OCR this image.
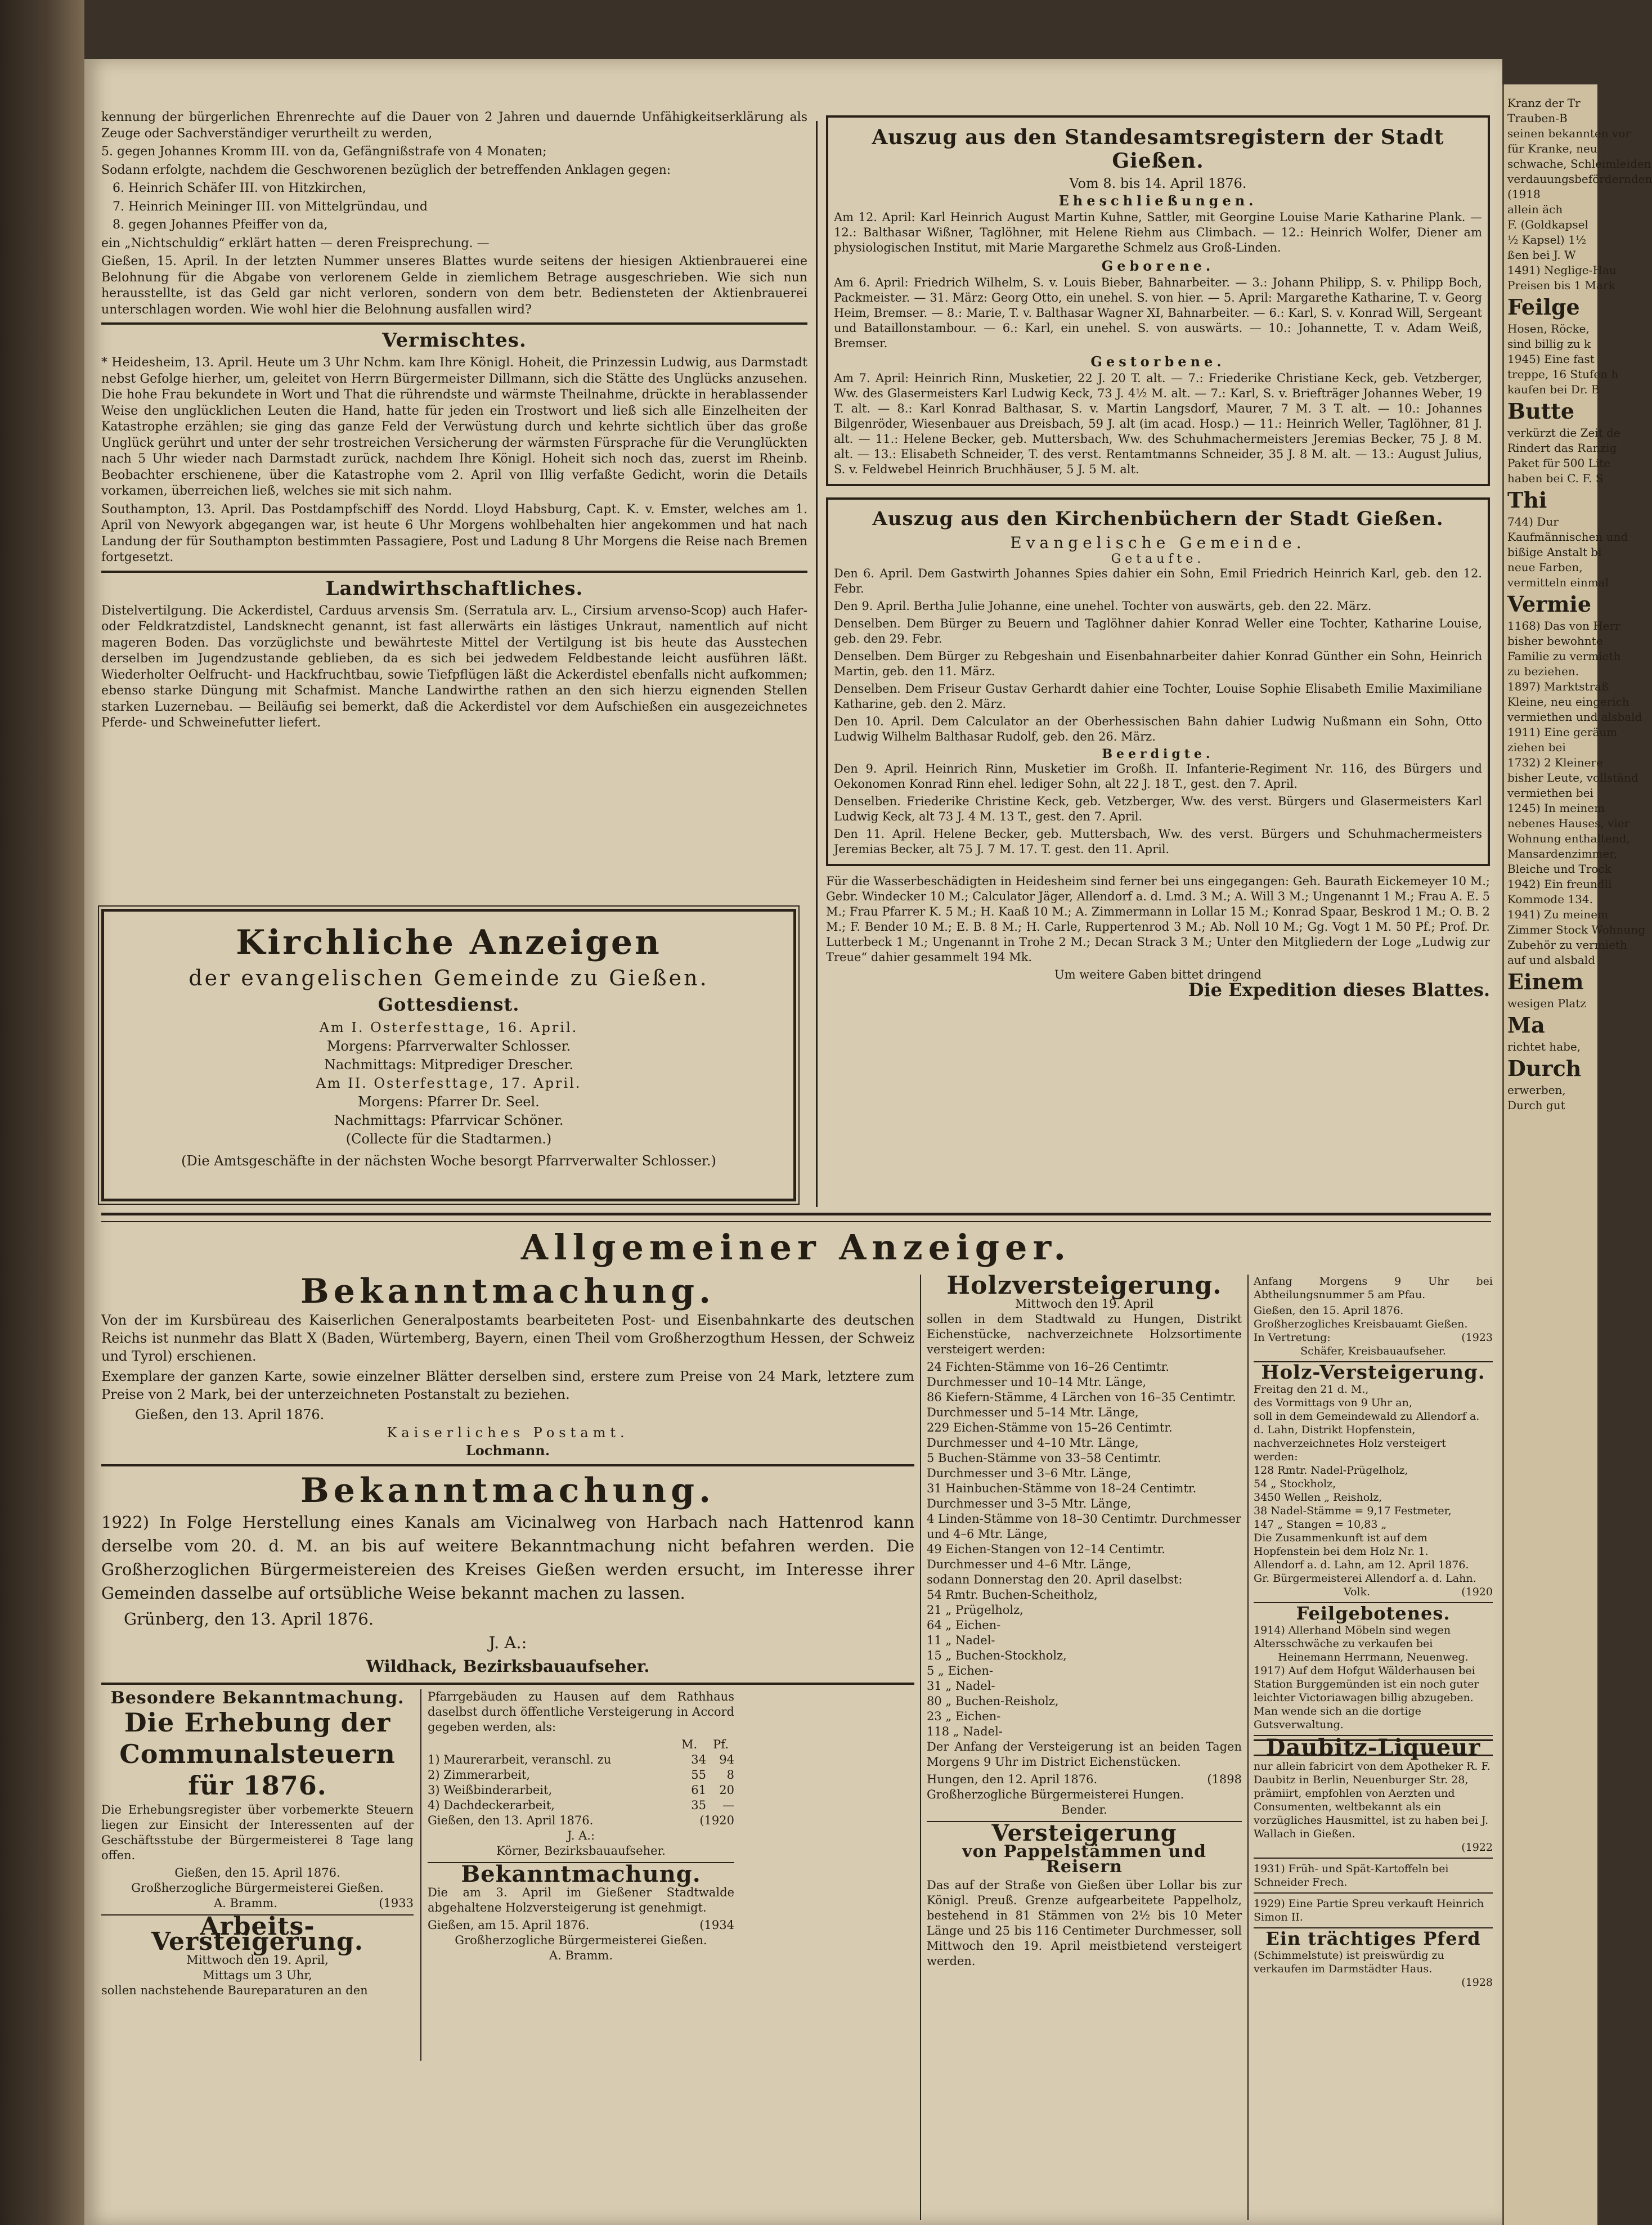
kennung der bürgerlichen Ehrenrechte auf die Dauer von 2 Jahren und dauernde Unfähigkeitserklärung als Zeuge oder Sachverständiger verurtheilt zu werden,

5. gegen Johannes Kromm III. von da, Gefängnißstrafe von 4 Monaten;

Sodann erfolgte, nachdem die Geschworenen bezüglich der betreffenden Anklagen gegen:

6. Heinrich Schäfer III. von Hitzkirchen,

7. Heinrich Meininger III. von Mittelgründau, und

8. gegen Johannes Pfeiffer von da,

ein „Nichtschuldig“ erklärt hatten — deren Freisprechung. —

Gießen, 15. April. In der letzten Nummer unseres Blattes wurde seitens der hiesigen Aktienbrauerei eine Belohnung für die Abgabe von verlorenem Gelde in ziemlichem Betrage ausgeschrieben. Wie sich nun herausstellte, ist das Geld gar nicht verloren, sondern von dem betr. Bediensteten der Aktienbrauerei unterschlagen worden. Wie wohl hier die Belohnung ausfallen wird?

Vermischtes.

* Heidesheim, 13. April. Heute um 3 Uhr Nchm. kam Ihre Königl. Hoheit, die Prinzessin Ludwig, aus Darmstadt nebst Gefolge hierher, um, geleitet von Herrn Bürgermeister Dillmann, sich die Stätte des Unglücks anzusehen. Die hohe Frau bekundete in Wort und That die rührendste und wärmste Theilnahme, drückte in herablassender Weise den unglücklichen Leuten die Hand, hatte für jeden ein Trostwort und ließ sich alle Einzelheiten der Katastrophe erzählen; sie ging das ganze Feld der Verwüstung durch und kehrte sichtlich über das große Unglück gerührt und unter der sehr trostreichen Versicherung der wärmsten Fürsprache für die Verunglückten nach 5 Uhr wieder nach Darmstadt zurück, nachdem Ihre Königl. Hoheit sich noch das, zuerst im Rheinb. Beobachter erschienene, über die Katastrophe vom 2. April von Illig verfaßte Gedicht, worin die Details vorkamen, überreichen ließ, welches sie mit sich nahm.

Southampton, 13. April. Das Postdampfschiff des Nordd. Lloyd Habsburg, Capt. K. v. Emster, welches am 1. April von Newyork abgegangen war, ist heute 6 Uhr Morgens wohlbehalten hier angekommen und hat nach Landung der für Southampton bestimmten Passagiere, Post und Ladung 8 Uhr Morgens die Reise nach Bremen fortgesetzt.

Landwirthschaftliches.

Distelvertilgung. Die Ackerdistel, Carduus arvensis Sm. (Serratula arv. L., Cirsium arvenso-Scop) auch Hafer- oder Feldkratzdistel, Landsknecht genannt, ist fast allerwärts ein lästiges Unkraut, namentlich auf nicht mageren Boden. Das vorzüglichste und bewährteste Mittel der Vertilgung ist bis heute das Ausstechen derselben im Jugendzustande geblieben, da es sich bei jedwedem Feldbestande leicht ausführen läßt. Wiederholter Oelfrucht- und Hackfruchtbau, sowie Tiefpflügen läßt die Ackerdistel ebenfalls nicht aufkommen; ebenso starke Düngung mit Schafmist. Manche Landwirthe rathen an den sich hierzu eignenden Stellen starken Luzernebau. — Beiläufig sei bemerkt, daß die Ackerdistel vor dem Aufschießen ein ausgezeichnetes Pferde- und Schweinefutter liefert.

Kirchliche Anzeigen
der evangelischen Gemeinde zu Gießen.
Gottesdienst.
Am I. Osterfesttage, 16. April.
Morgens: Pfarrverwalter Schlosser.
Nachmittags: Mitprediger Drescher.
Am II. Osterfesttage, 17. April.
Morgens: Pfarrer Dr. Seel.
Nachmittags: Pfarrvicar Schöner.
(Collecte für die Stadtarmen.)
(Die Amtsgeschäfte in der nächsten Woche besorgt Pfarrverwalter Schlosser.)
Auszug aus den Standesamtsregistern der Stadt Gießen.
Vom 8. bis 14. April 1876.
Eheschließungen.

Am 12. April: Karl Heinrich August Martin Kuhne, Sattler, mit Georgine Louise Marie Katharine Plank. — 12.: Balthasar Wißner, Taglöhner, mit Helene Riehm aus Climbach. — 12.: Heinrich Wolfer, Diener am physiologischen Institut, mit Marie Margarethe Schmelz aus Groß-Linden.

Geborene.

Am 6. April: Friedrich Wilhelm, S. v. Louis Bieber, Bahnarbeiter. — 3.: Johann Philipp, S. v. Philipp Boch, Packmeister. — 31. März: Georg Otto, ein unehel. S. von hier. — 5. April: Margarethe Katharine, T. v. Georg Heim, Bremser. — 8.: Marie, T. v. Balthasar Wagner XI, Bahnarbeiter. — 6.: Karl, S. v. Konrad Will, Sergeant und Bataillonstambour. — 6.: Karl, ein unehel. S. von auswärts. — 10.: Johannette, T. v. Adam Weiß, Bremser.

Gestorbene.

Am 7. April: Heinrich Rinn, Musketier, 22 J. 20 T. alt. — 7.: Friederike Christiane Keck, geb. Vetzberger, Ww. des Glasermeisters Karl Ludwig Keck, 73 J. 4½ M. alt. — 7.: Karl, S. v. Briefträger Johannes Weber, 19 T. alt. — 8.: Karl Konrad Balthasar, S. v. Martin Langsdorf, Maurer, 7 M. 3 T. alt. — 10.: Johannes Bilgenröder, Wiesenbauer aus Dreisbach, 59 J. alt (im acad. Hosp.) — 11.: Heinrich Weller, Taglöhner, 81 J. alt. — 11.: Helene Becker, geb. Muttersbach, Ww. des Schuhmachermeisters Jeremias Becker, 75 J. 8 M. alt. — 13.: Elisabeth Schneider, T. des verst. Rentamtmanns Schneider, 35 J. 8 M. alt. — 13.: August Julius, S. v. Feldwebel Heinrich Bruchhäuser, 5 J. 5 M. alt.

Auszug aus den Kirchenbüchern der Stadt Gießen.
Evangelische Gemeinde.
Getaufte.

Den 6. April. Dem Gastwirth Johannes Spies dahier ein Sohn, Emil Friedrich Heinrich Karl, geb. den 12. Febr.

Den 9. April. Bertha Julie Johanne, eine unehel. Tochter von auswärts, geb. den 22. März.

Denselben. Dem Bürger zu Beuern und Taglöhner dahier Konrad Weller eine Tochter, Katharine Louise, geb. den 29. Febr.

Denselben. Dem Bürger zu Rebgeshain und Eisenbahnarbeiter dahier Konrad Günther ein Sohn, Heinrich Martin, geb. den 11. März.

Denselben. Dem Friseur Gustav Gerhardt dahier eine Tochter, Louise Sophie Elisabeth Emilie Maximiliane Katharine, geb. den 2. März.

Den 10. April. Dem Calculator an der Oberhessischen Bahn dahier Ludwig Nußmann ein Sohn, Otto Ludwig Wilhelm Balthasar Rudolf, geb. den 26. März.

Beerdigte.

Den 9. April. Heinrich Rinn, Musketier im Großh. II. Infanterie-Regiment Nr. 116, des Bürgers und Oekonomen Konrad Rinn ehel. lediger Sohn, alt 22 J. 18 T., gest. den 7. April.

Denselben. Friederike Christine Keck, geb. Vetzberger, Ww. des verst. Bürgers und Glasermeisters Karl Ludwig Keck, alt 73 J. 4 M. 13 T., gest. den 7. April.

Den 11. April. Helene Becker, geb. Muttersbach, Ww. des verst. Bürgers und Schuhmachermeisters Jeremias Becker, alt 75 J. 7 M. 17. T. gest. den 11. April.

Für die Wasserbeschädigten in Heidesheim sind ferner bei uns eingegangen: Geh. Baurath Eickemeyer 10 M.; Gebr. Windecker 10 M.; Calculator Jäger, Allendorf a. d. Lmd. 3 M.; A. Will 3 M.; Ungenannt 1 M.; Frau A. E. 5 M.; Frau Pfarrer K. 5 M.; H. Kaaß 10 M.; A. Zimmermann in Lollar 15 M.; Konrad Spaar, Beskrod 1 M.; O. B. 2 M.; F. Bender 10 M.; E. B. 8 M.; H. Carle, Ruppertenrod 3 M.; Ab. Noll 10 M.; Gg. Vogt 1 M. 50 Pf.; Prof. Dr. Lutterbeck 1 M.; Ungenannt in Trohe 2 M.; Decan Strack 3 M.; Unter den Mitgliedern der Loge „Ludwig zur Treue“ dahier gesammelt 194 Mk.

Um weitere Gaben bittet dringend
Die Expedition dieses Blattes.
Allgemeiner Anzeiger.
Bekanntmachung.

Von der im Kursbüreau des Kaiserlichen Generalpostamts bearbeiteten Post- und Eisenbahnkarte des deutschen Reichs ist nunmehr das Blatt X (Baden, Würtemberg, Bayern, einen Theil vom Großherzogthum Hessen, der Schweiz und Tyrol) erschienen.

Exemplare der ganzen Karte, sowie einzelner Blätter derselben sind, erstere zum Preise von 24 Mark, letztere zum Preise von 2 Mark, bei der unterzeichneten Postanstalt zu beziehen.

Gießen, den 13. April 1876.
Kaiserliches Postamt.
Lochmann.
Bekanntmachung.

1922) In Folge Herstellung eines Kanals am Vicinalweg von Harbach nach Hattenrod kann derselbe vom 20. d. M. an bis auf weitere Bekanntmachung nicht befahren werden. Die Großherzoglichen Bürgermeistereien des Kreises Gießen werden ersucht, im Interesse ihrer Gemeinden dasselbe auf ortsübliche Weise bekannt machen zu lassen.

Grünberg, den 13. April 1876.
J. A.:
Wildhack, Bezirksbauaufseher.
Besondere Bekanntmachung.
Die Erhebung der Communalsteuern für 1876.

Die Erhebungsregister über vorbemerkte Steuern liegen zur Einsicht der Interessenten auf der Geschäftsstube der Bürgermeisterei 8 Tage lang offen.

Gießen, den 15. April 1876.
Großherzogliche Bürgermeisterei Gießen.
A. Bramm.	(1933
Arbeits-Versteigerung.
Mittwoch den 19. April,
Mittags um 3 Uhr,
sollen nachstehende Baureparaturen an den

Pfarrgebäuden zu Hausen auf dem Rathhaus daselbst durch öffentliche Versteigerung in Accord gegeben werden, als:

M. Pf.
1) Maurerarbeit, veranschl. zu	34	94
2) Zimmerarbeit,	55	8
3) Weißbinderarbeit,	61	20
4) Dachdeckerarbeit,	35	—
Gießen, den 13. April 1876.	(1920
J. A.:
Körner, Bezirksbauaufseher.
Bekanntmachung.

Die am 3. April im Gießener Stadtwalde abgehaltene Holzversteigerung ist genehmigt.

Gießen, am 15. April 1876.	(1934
Großherzogliche Bürgermeisterei Gießen.
A. Bramm.
Holzversteigerung.
Mittwoch den 19. April

sollen in dem Stadtwald zu Hungen, Distrikt Eichenstücke, nachverzeichnete Holzsortimente versteigert werden:

24 Fichten-Stämme von 16–26 Centimtr. Durchmesser und 10–14 Mtr. Länge,
86 Kiefern-Stämme, 4 Lärchen von 16–35 Centimtr. Durchmesser und 5–14 Mtr. Länge,
229 Eichen-Stämme von 15–26 Centimtr. Durchmesser und 4–10 Mtr. Länge,
5 Buchen-Stämme von 33–58 Centimtr. Durchmesser und 3–6 Mtr. Länge,
31 Hainbuchen-Stämme von 18–24 Centimtr. Durchmesser und 3–5 Mtr. Länge,
4 Linden-Stämme von 18–30 Centimtr. Durchmesser und 4–6 Mtr. Länge,
49 Eichen-Stangen von 12–14 Centimtr. Durchmesser und 4–6 Mtr. Länge,
sodann Donnerstag den 20. April daselbst:
54 Rmtr. Buchen-Scheitholz,
21 „ Prügelholz,
64 „ Eichen-
11 „ Nadel-
15 „ Buchen-Stockholz,
5 „ Eichen-
31 „ Nadel-
80 „ Buchen-Reisholz,
23 „ Eichen-
118 „ Nadel-

Der Anfang der Versteigerung ist an beiden Tagen Morgens 9 Uhr im District Eichenstücken.

Hungen, den 12. April 1876.	(1898
Großherzogliche Bürgermeisterei Hungen.
Bender.
Versteigerung
von Pappelstämmen und Reisern

Das auf der Straße von Gießen über Lollar bis zur Königl. Preuß. Grenze aufgearbeitete Pappelholz, bestehend in 81 Stämmen von 2½ bis 10 Meter Länge und 25 bis 116 Centimeter Durchmesser, soll Mittwoch den 19. April meistbietend versteigert werden.

Anfang Morgens 9 Uhr bei Abtheilungsnummer 5 am Pfau.

Gießen, den 15. April 1876.
Großherzogliches Kreisbauamt Gießen.
In Vertretung:	(1923
Schäfer, Kreisbauaufseher.
Holz-Versteigerung.
Freitag den 21 d. M.,
des Vormittags von 9 Uhr an,
soll in dem Gemeindewald zu Allendorf a. d. Lahn, Distrikt Hopfenstein, nachverzeichnetes Holz versteigert werden:
128 Rmtr. Nadel-Prügelholz,
54 „ Stockholz,
3450 Wellen „ Reisholz,
38 Nadel-Stämme = 9,17 Festmeter,
147 „ Stangen = 10,83 „
Die Zusammenkunft ist auf dem Hopfenstein bei dem Holz Nr. 1.
Allendorf a. d. Lahn, am 12. April 1876.
Gr. Bürgermeisterei Allendorf a. d. Lahn.
Volk.	(1920
Feilgebotenes.
1914) Allerhand Möbeln sind wegen Altersschwäche zu verkaufen bei
Heinemann Herrmann, Neuenweg.
1917) Auf dem Hofgut Wälderhausen bei Station Burggemünden ist ein noch guter leichter Victoriawagen billig abzugeben. Man wende sich an die dortige Gutsverwaltung.
Daubitz-Liqueur
nur allein fabricirt von dem Apotheker R. F. Daubitz in Berlin, Neuenburger Str. 28, prämiirt, empfohlen von Aerzten und Consumenten, weltbekannt als ein vorzügliches Hausmittel, ist zu haben bei J. Wallach in Gießen.
(1922
1931) Früh- und Spät-Kartoffeln bei Schneider Frech.
1929) Eine Partie Spreu verkauft Heinrich Simon II.
Ein trächtiges Pferd
(Schimmelstute) ist preiswürdig zu verkaufen im Darmstädter Haus.
(1928
Kranz der Tr
Trauben-B
seinen bekannten vor
für Kranke, neu
schwache, Schleimleiden
verdauungsbefördernden
(1918
allein äch
F. (Goldkapsel
½ Kapsel) 1½
ßen bei J. W
1491) Neglige-Hau
Preisen bis 1 Mark
Feilge
Hosen, Röcke,
sind billig zu k
1945) Eine fast
treppe, 16 Stufen h
kaufen bei Dr. B
Butte
verkürzt die Zeit de
Rindert das Ranzig
Paket für 500 Lite
haben bei C. F. S
Thi
744) Dur
Kaufmännischen und
bißige Anstalt bi
neue Farben,
vermitteln einmal
Vermie
1168) Das von Herr
bisher bewohnte
Familie zu vermieth
zu beziehen.
1897) Marktstraß
Kleine, neu eingerich
vermiethen und alsbald
1911) Eine geräum
ziehen bei
1732) 2 Kleinere
bisher Leute, vollständ
vermiethen bei
1245) In meinem
nebenes Hauses, vier
Wohnung enthaltend,
Mansardenzimmer,
Bleiche und Trock
1942) Ein freundli
Kommode 134.
1941) Zu meinem
Zimmer Stock Wohnung
Zubehör zu vermieth
auf und alsbald
Einem
wesigen Platz
Ma
richtet habe,
Durch
erwerben,
Durch gut
